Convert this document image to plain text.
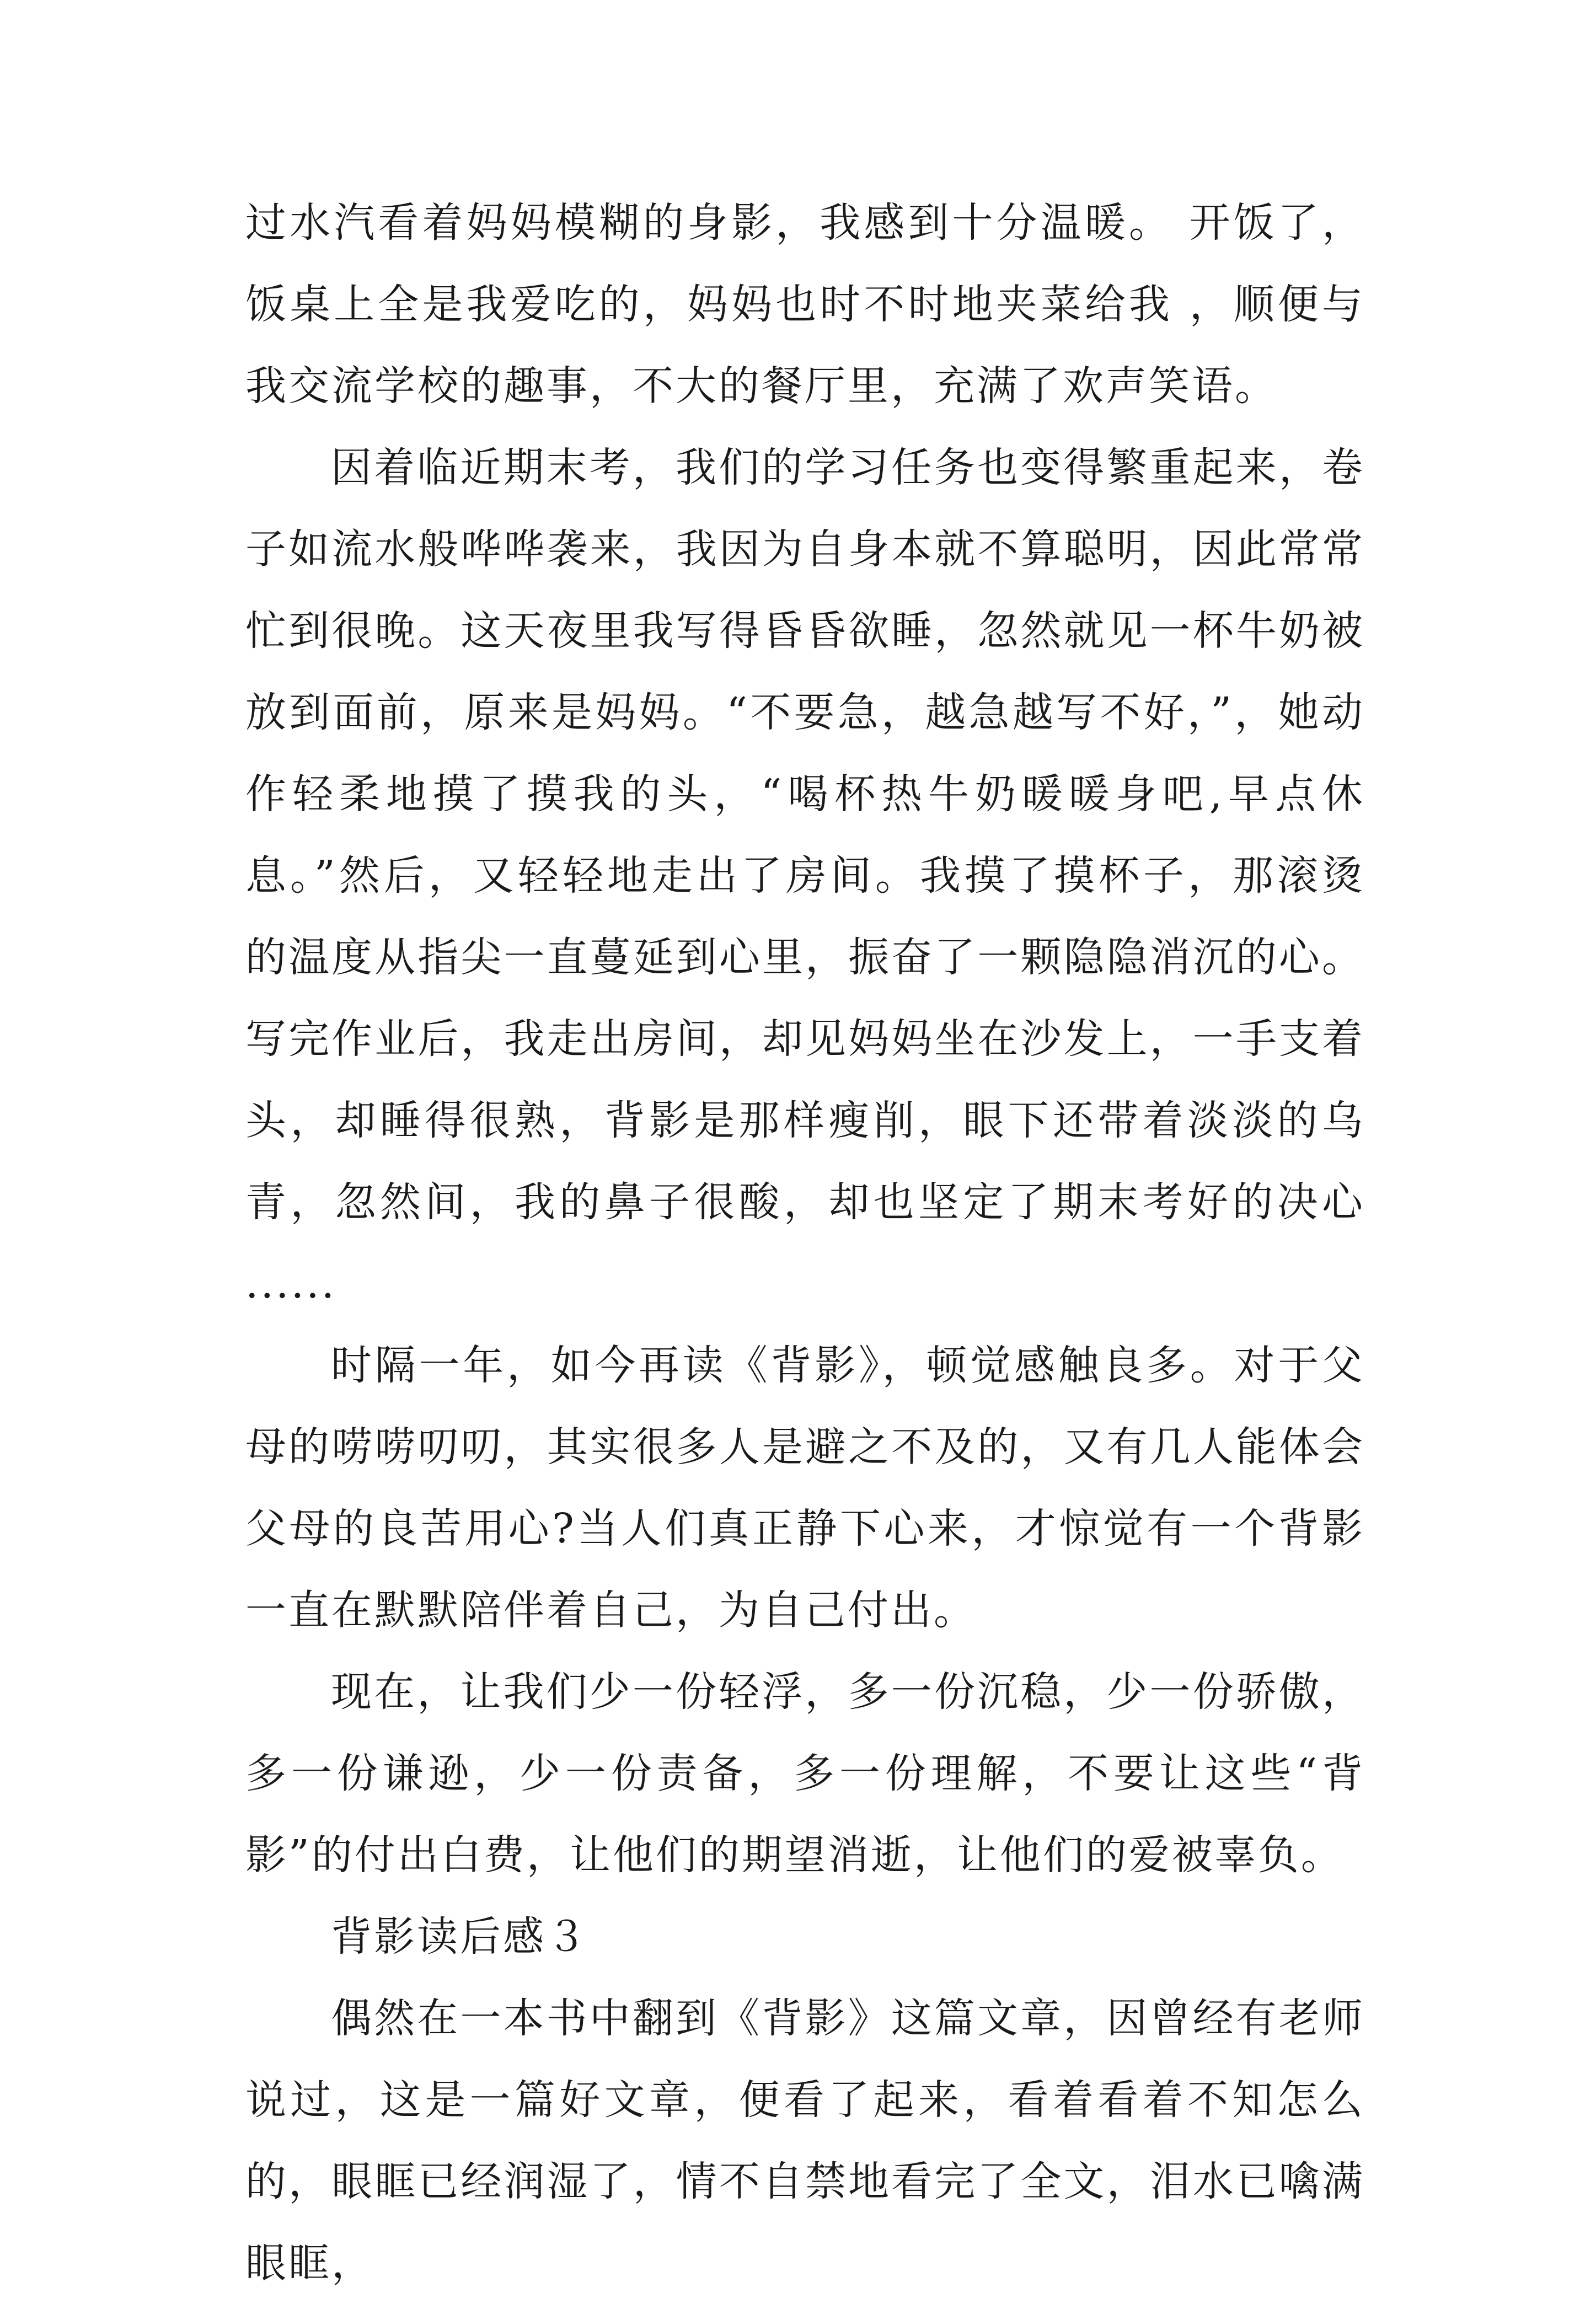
过水汽看着妈妈模糊的身影，我感到十分温暖。 开饭了，饭桌上全是我爱吃的，妈妈也时不时地夹菜给我 ，顺便与我交流学校的趣事，不大的餐厅里，充满了欢声笑语。

因着临近期末考，我们的学习任务也变得繁重起来，卷子如流水般哗哗袭来，我因为自身本就不算聪明，因此常常忙到很晚。这天夜里我写得昏昏欲睡，忽然就见一杯牛奶被放到面前，原来是妈妈。“不要急，越急越写不好，”，她动作轻柔地摸了摸我的头，“喝杯热牛奶暖暖身吧,早点休息。”然后，又轻轻地走出了房间。我摸了摸杯子，那滚烫的温度从指尖一直蔓延到心里，振奋了一颗隐隐消沉的心。写完作业后，我走出房间，却见妈妈坐在沙发上，一手支着头，却睡得很熟，背影是那样瘦削，眼下还带着淡淡的乌青，忽然间，我的鼻子很酸，却也坚定了期末考好的决心 ......

时隔一年，如今再读《背影》，顿觉感触良多。对于父母的唠唠叨叨，其实很多人是避之不及的，又有几人能体会父母的良苦用心?当人们真正静下心来，才惊觉有一个背影一直在默默陪伴着自己，为自己付出。

现在，让我们少一份轻浮，多一份沉稳，少一份骄傲，多一份谦逊，少一份责备，多一份理解，不要让这些“背影”的付出白费，让他们的期望消逝，让他们的爱被辜负。

背影读后感３

偶然在一本书中翻到《背影》这篇文章，因曾经有老师说过，这是一篇好文章，便看了起来，看着看着不知怎么的，眼眶已经润湿了，情不自禁地看完了全文，泪水已噙满眼眶，
